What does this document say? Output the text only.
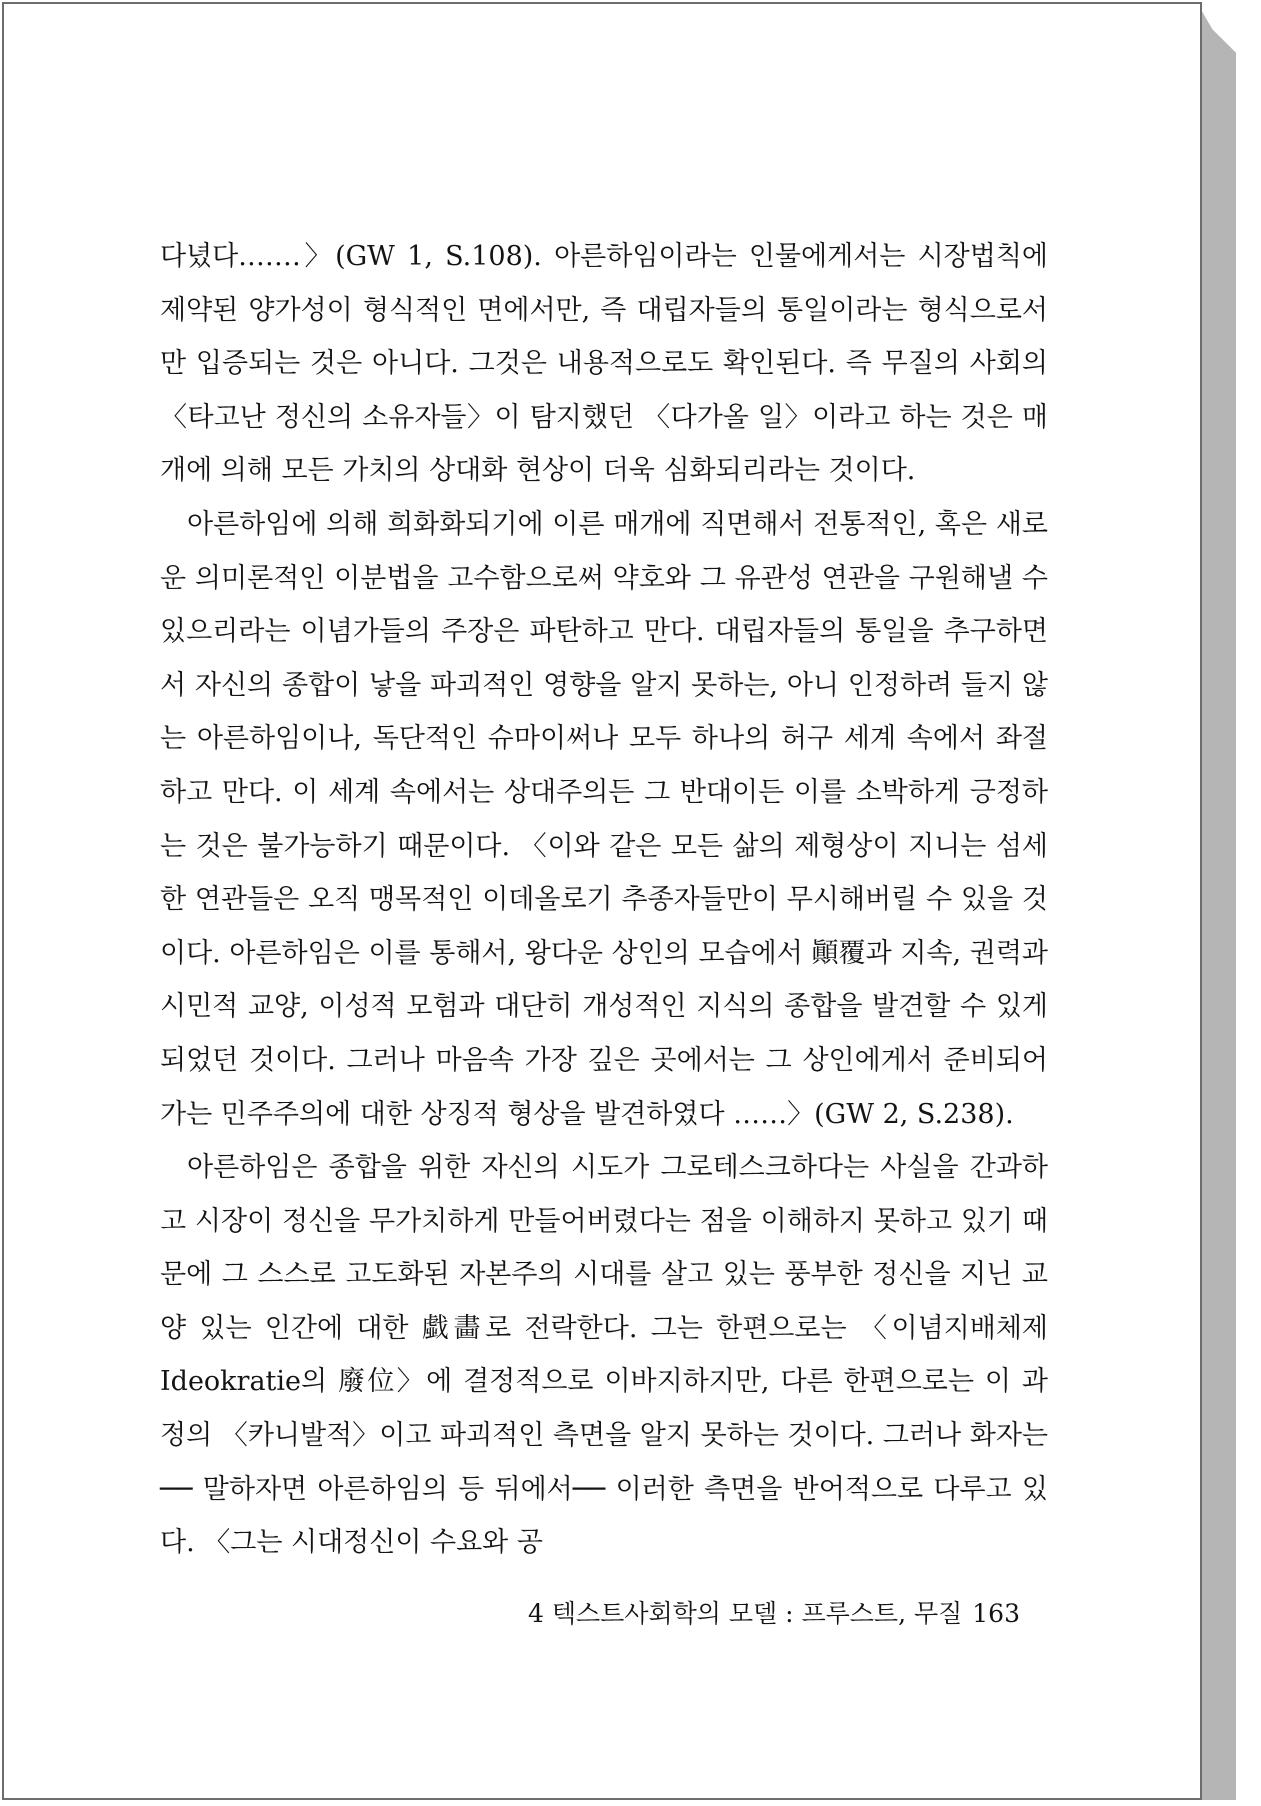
다녔다.……〉(GW 1, S.108). 아른하임이라는 인물에게서는 시장법칙에 제약된 양가성이 형식적인 면에서만, 즉 대립자들의 통일이라는 형식으로서만 입증되는 것은 아니다. 그것은 내용적으로도 확인된다. 즉 무질의 사회의 〈타고난 정신의 소유자들〉이 탐지했던 〈다가올 일〉이라고 하는 것은 매개에 의해 모든 가치의 상대화 현상이 더욱 심화되리라는 것이다.

아른하임에 의해 희화화되기에 이른 매개에 직면해서 전통적인, 혹은 새로운 의미론적인 이분법을 고수함으로써 약호와 그 유관성 연관을 구원해낼 수 있으리라는 이념가들의 주장은 파탄하고 만다. 대립자들의 통일을 추구하면서 자신의 종합이 낳을 파괴적인 영향을 알지 못하는, 아니 인정하려 들지 않는 아른하임이나, 독단적인 슈마이써나 모두 하나의 허구 세계 속에서 좌절하고 만다. 이 세계 속에서는 상대주의든 그 반대이든 이를 소박하게 긍정하는 것은 불가능하기 때문이다. 〈이와 같은 모든 삶의 제형상이 지니는 섬세한 연관들은 오직 맹목적인 이데올로기 추종자들만이 무시해버릴 수 있을 것이다. 아른하임은 이를 통해서, 왕다운 상인의 모습에서 顚覆과 지속, 권력과 시민적 교양, 이성적 모험과 대단히 개성적인 지식의 종합을 발견할 수 있게 되었던 것이다. 그러나 마음속 가장 깊은 곳에서는 그 상인에게서 준비되어가는 민주주의에 대한 상징적 형상을 발견하였다 ……〉(GW 2, S.238).

아른하임은 종합을 위한 자신의 시도가 그로테스크하다는 사실을 간과하고 시장이 정신을 무가치하게 만들어버렸다는 점을 이해하지 못하고 있기 때문에 그 스스로 고도화된 자본주의 시대를 살고 있는 풍부한 정신을 지닌 교양 있는 인간에 대한 戱畵로 전락한다. 그는 한편으로는 〈이념지배체제 Ideokratie의 廢位〉에 결정적으로 이바지하지만, 다른 한편으로는 이 과정의 〈카니발적〉이고 파괴적인 측면을 알지 못하는 것이다. 그러나 화자는── 말하자면 아른하임의 등 뒤에서── 이러한 측면을 반어적으로 다루고 있다. 〈그는 시대정신이 수요와 공

4 텍스트사회학의 모델 : 프루스트, 무질 163
